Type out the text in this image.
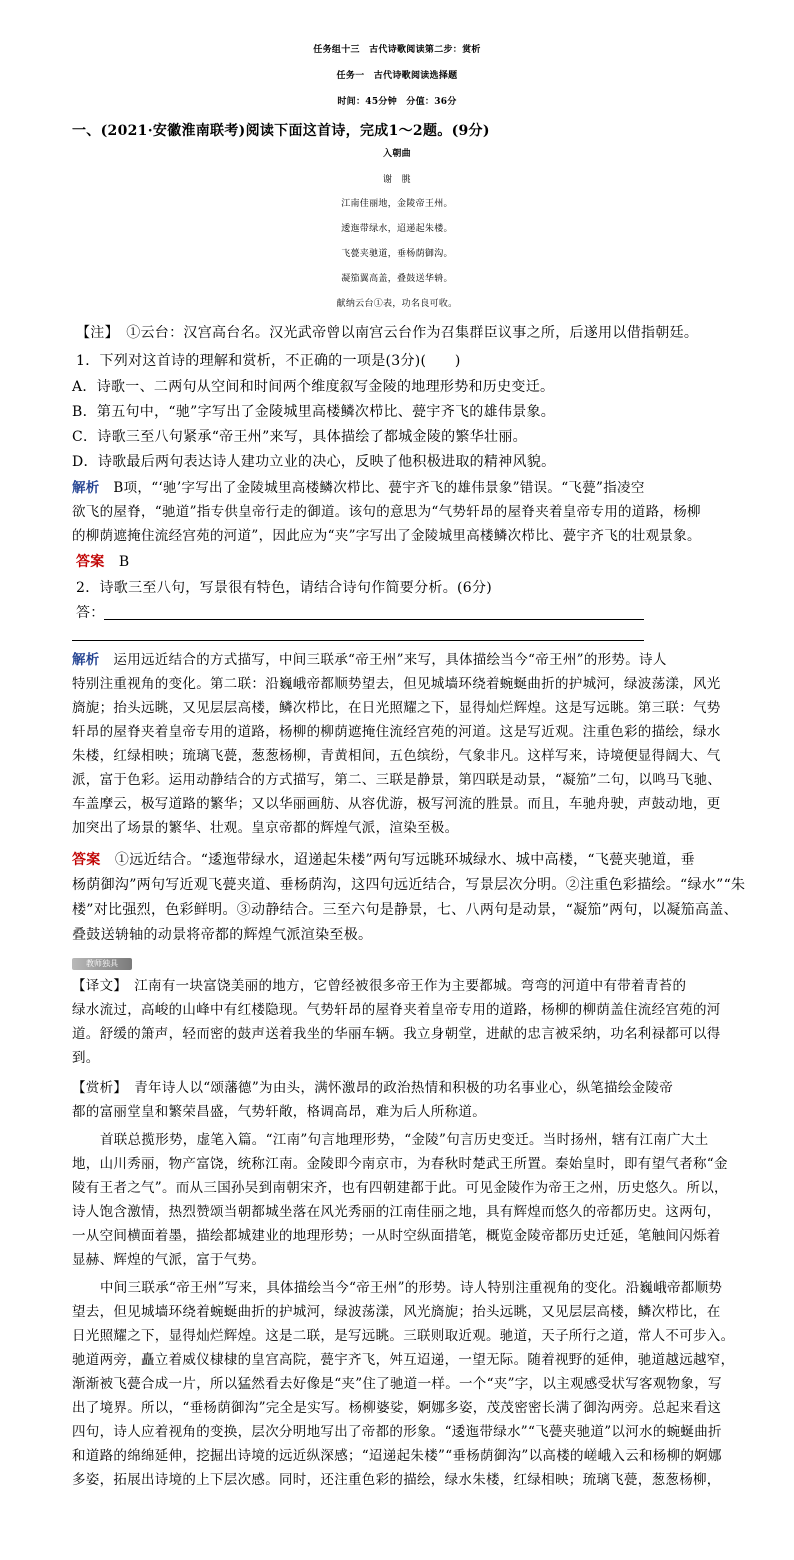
任务组十三　古代诗歌阅读第二步：赏析
任务一　古代诗歌阅读选择题
时间：45分钟　分值：36分
一、(2021·安徽淮南联考)阅读下面这首诗，完成1～2题。(9分)
入朝曲
谢　朓
江南佳丽地，金陵帝王州。
逶迤带绿水，迢递起朱楼。
飞甍夹驰道，垂杨荫御沟。
凝笳翼高盖，叠鼓送华辀。
献纳云台①表，功名良可收。
【注】　①云台：汉宫高台名。汉光武帝曾以南宫云台作为召集群臣议事之所，后遂用以借指朝廷。
1．下列对这首诗的理解和赏析，不正确的一项是(3分)(　　)
A．诗歌一、二两句从空间和时间两个维度叙写金陵的地理形势和历史变迁。
B．第五句中，“驰”字写出了金陵城里高楼鳞次栉比、甍宇齐飞的雄伟景象。
C．诗歌三至八句紧承“帝王州”来写，具体描绘了都城金陵的繁华壮丽。
D．诗歌最后两句表达诗人建功立业的决心，反映了他积极进取的精神风貌。
解析　B项，“‘驰’字写出了金陵城里高楼鳞次栉比、甍宇齐飞的雄伟景象”错误。“飞甍”指凌空
欲飞的屋脊，“驰道”指专供皇帝行走的御道。该句的意思为“气势轩昂的屋脊夹着皇帝专用的道路，杨柳
的柳荫遮掩住流经宫苑的河道”，因此应为“夹”字写出了金陵城里高楼鳞次栉比、甍宇齐飞的壮观景象。
答案　B
2．诗歌三至八句，写景很有特色，请结合诗句作简要分析。(6分)
答：
解析　运用远近结合的方式描写，中间三联承“帝王州”来写，具体描绘当今“帝王州”的形势。诗人
特别注重视角的变化。第二联：沿巍峨帝都顺势望去，但见城墙环绕着蜿蜒曲折的护城河，绿波荡漾，风光
旖旎；抬头远眺，又见层层高楼，鳞次栉比，在日光照耀之下，显得灿烂辉煌。这是写远眺。第三联：气势
轩昂的屋脊夹着皇帝专用的道路，杨柳的柳荫遮掩住流经宫苑的河道。这是写近观。注重色彩的描绘，绿水
朱楼，红绿相映；琉璃飞甍，葱葱杨柳，青黄相间，五色缤纷，气象非凡。这样写来，诗境便显得阔大、气
派，富于色彩。运用动静结合的方式描写，第二、三联是静景，第四联是动景，“凝笳”二句，以鸣马飞驰、
车盖摩云，极写道路的繁华；又以华丽画舫、从容优游，极写河流的胜景。而且，车驰舟驶，声鼓动地，更
加突出了场景的繁华、壮观。皇京帝都的辉煌气派，渲染至极。
答案　①远近结合。“逶迤带绿水，迢递起朱楼”两句写远眺环城绿水、城中高楼，“飞甍夹驰道，垂
杨荫御沟”两句写近观飞甍夹道、垂杨荫沟，这四句远近结合，写景层次分明。②注重色彩描绘。“绿水”“朱
楼”对比强烈，色彩鲜明。③动静结合。三至六句是静景，七、八两句是动景，“凝笳”两句，以凝笳高盖、
叠鼓送辀轴的动景将帝都的辉煌气派渲染至极。
教师独具
【译文】　江南有一块富饶美丽的地方，它曾经被很多帝王作为主要都城。弯弯的河道中有带着青苔的
绿水流过，高峻的山峰中有红楼隐现。气势轩昂的屋脊夹着皇帝专用的道路，杨柳的柳荫盖住流经宫苑的河
道。舒缓的箫声，轻而密的鼓声送着我坐的华丽车辆。我立身朝堂，进献的忠言被采纳，功名利禄都可以得
到。
【赏析】　青年诗人以“颂藩德”为由头，满怀激昂的政治热情和积极的功名事业心，纵笔描绘金陵帝
都的富丽堂皇和繁荣昌盛，气势轩敞，格调高昂，难为后人所称道。
首联总揽形势，虚笔入篇。“江南”句言地理形势，“金陵”句言历史变迁。当时扬州，辖有江南广大土
地，山川秀丽，物产富饶，统称江南。金陵即今南京市，为春秋时楚武王所置。秦始皇时，即有望气者称“金
陵有王者之气”。而从三国孙吴到南朝宋齐，也有四朝建都于此。可见金陵作为帝王之州，历史悠久。所以，
诗人饱含激情，热烈赞颂当朝都城坐落在风光秀丽的江南佳丽之地，具有辉煌而悠久的帝都历史。这两句，
一从空间横面着墨，描绘都城建业的地理形势；一从时空纵面措笔，概览金陵帝都历史迁延，笔触间闪烁着
显赫、辉煌的气派，富于气势。
中间三联承“帝王州”写来，具体描绘当今“帝王州”的形势。诗人特别注重视角的变化。沿巍峨帝都顺势
望去，但见城墙环绕着蜿蜒曲折的护城河，绿波荡漾，风光旖旎；抬头远眺，又见层层高楼，鳞次栉比，在
日光照耀之下，显得灿烂辉煌。这是二联，是写远眺。三联则取近观。驰道，天子所行之道，常人不可步入。
驰道两旁，矗立着威仪棣棣的皇宫高院，甍宇齐飞，舛互迢递，一望无际。随着视野的延伸，驰道越远越窄，
渐渐被飞甍合成一片，所以猛然看去好像是“夹”住了驰道一样。一个“夹”字，以主观感受状写客观物象，写
出了境界。所以，“垂杨荫御沟”完全是实写。杨柳婆娑，婀娜多姿，茂茂密密长满了御沟两旁。总起来看这
四句，诗人应着视角的变换，层次分明地写出了帝都的形象。“逶迤带绿水”“飞甍夹驰道”以河水的蜿蜒曲折
和道路的绵绵延伸，挖掘出诗境的远近纵深感；“迢递起朱楼”“垂杨荫御沟”以高楼的嵯峨入云和杨柳的婀娜
多姿，拓展出诗境的上下层次感。同时，还注重色彩的描绘，绿水朱楼，红绿相映；琉璃飞甍，葱葱杨柳，
